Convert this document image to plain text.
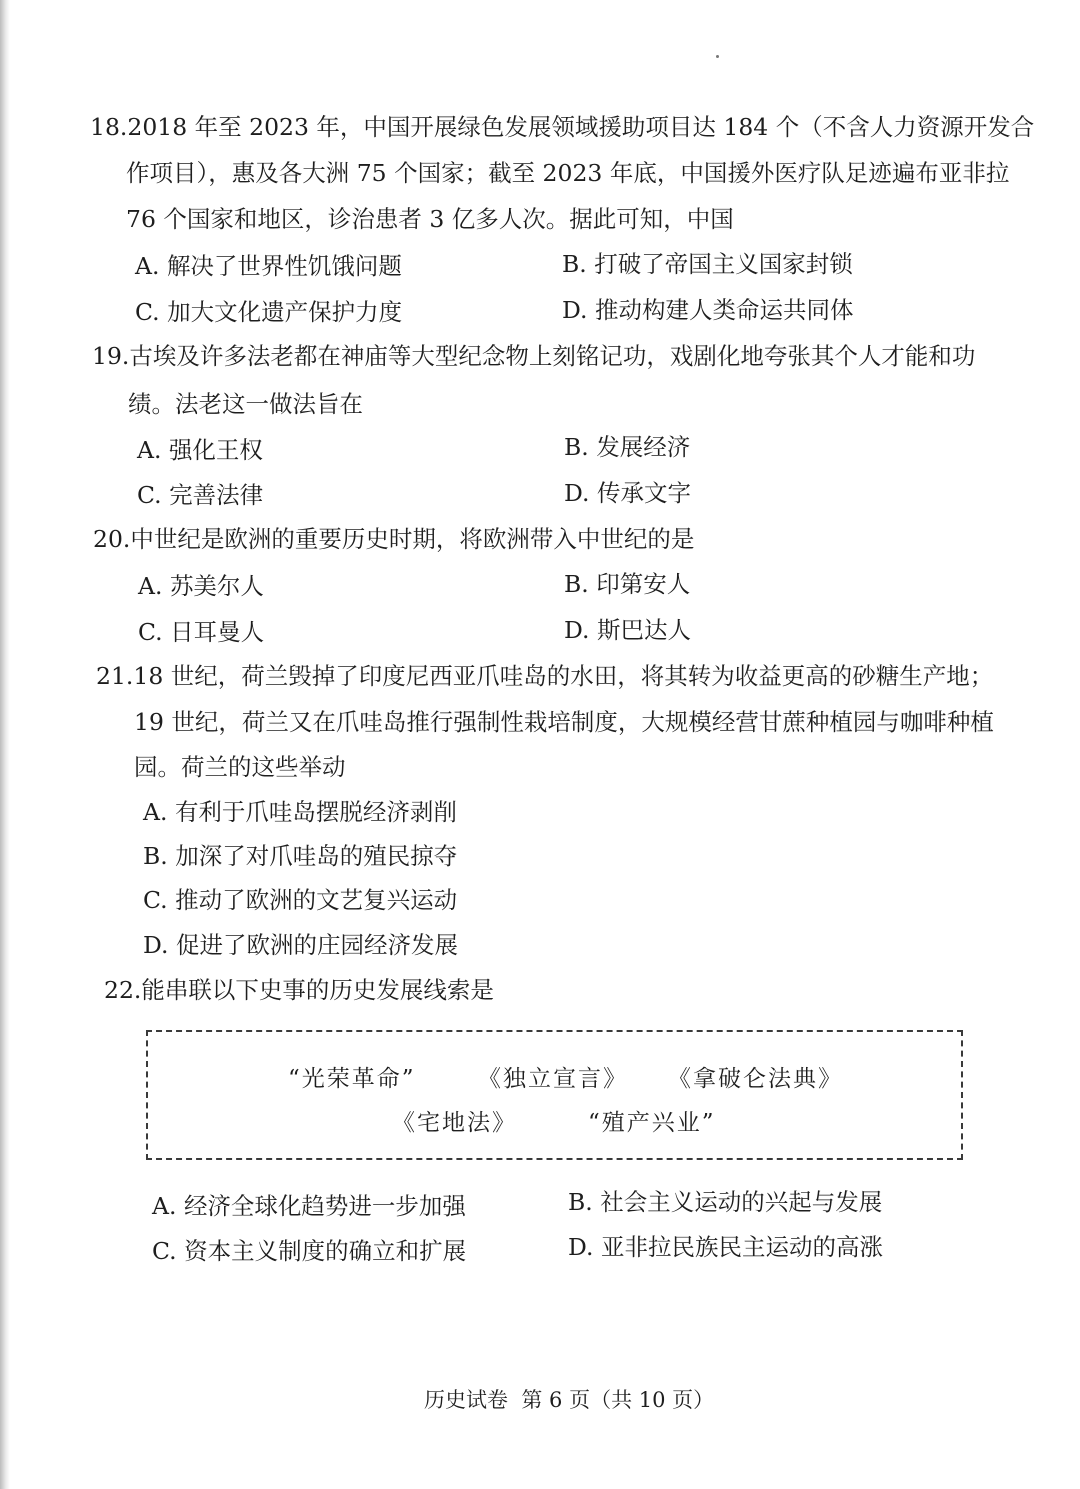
18.2018 年至 2023 年，中国开展绿色发展领域援助项目达 184 个（不含人力资源开发合
作项目），惠及各大洲 75 个国家；截至 2023 年底，中国援外医疗队足迹遍布亚非拉
76 个国家和地区，诊治患者 3 亿多人次。据此可知，中国
A. 解决了世界性饥饿问题	B. 打破了帝国主义国家封锁
C. 加大文化遗产保护力度	D. 推动构建人类命运共同体
19.古埃及许多法老都在神庙等大型纪念物上刻铭记功，戏剧化地夸张其个人才能和功
绩。法老这一做法旨在
A. 强化王权	B. 发展经济
C. 完善法律	D. 传承文字
20.中世纪是欧洲的重要历史时期，将欧洲带入中世纪的是
A. 苏美尔人	B. 印第安人
C. 日耳曼人	D. 斯巴达人
21.18 世纪，荷兰毁掉了印度尼西亚爪哇岛的水田，将其转为收益更高的砂糖生产地；
19 世纪，荷兰又在爪哇岛推行强制性栽培制度，大规模经营甘蔗种植园与咖啡种植
园。荷兰的这些举动
A. 有利于爪哇岛摆脱经济剥削
B. 加深了对爪哇岛的殖民掠夺
C. 推动了欧洲的文艺复兴运动
D. 促进了欧洲的庄园经济发展
22.能串联以下史事的历史发展线索是
“光荣革命”	《独立宣言》 《拿破仑法典》
《宅地法》	“殖产兴业”
A. 经济全球化趋势进一步加强	B. 社会主义运动的兴起与发展
C. 资本主义制度的确立和扩展	D. 亚非拉民族民主运动的高涨
历史试卷 第 6 页（共 10 页）
